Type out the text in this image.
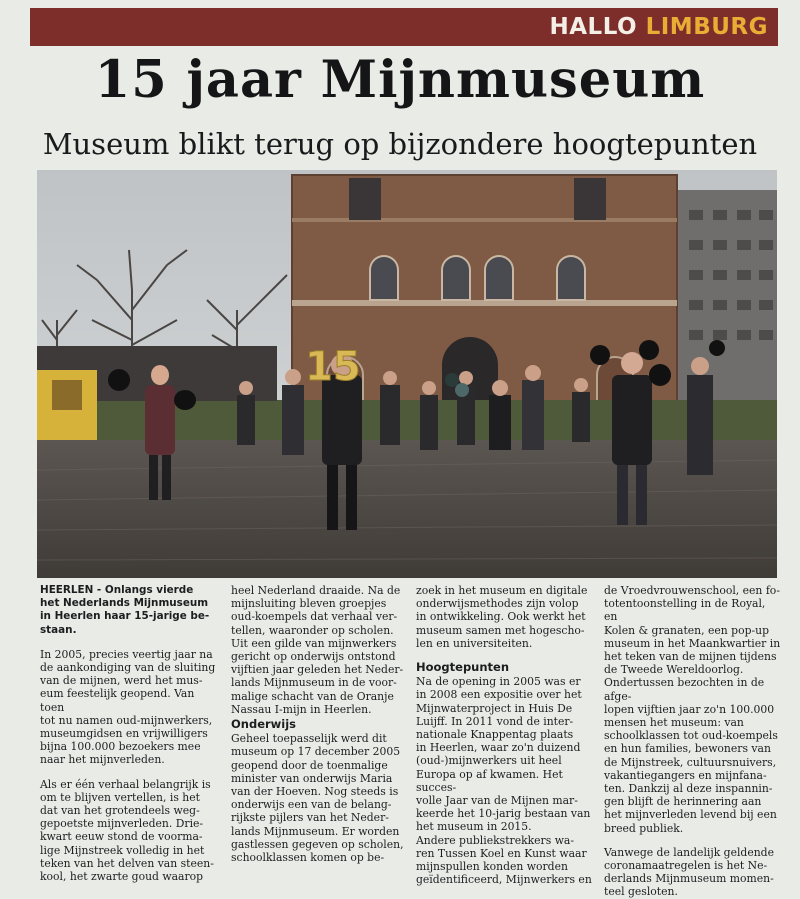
HALLO LIMBURG
15 jaar Mijnmuseum
Museum blikt terug op bijzondere hoogtepunten
15

HEERLEN - Onlangs vierde
het Nederlands Mijnmuseum
in Heerlen haar 15-jarige be-
staan.

In 2005, precies veertig jaar na
de aankondiging van de sluiting
van de mijnen, werd het mus-
eum feestelijk geopend. Van toen
tot nu namen oud-mijnwerkers,
museumgidsen en vrijwilligers
bijna 100.000 bezoekers mee
naar het mijnverleden.

Als er één verhaal belangrijk is
om te blijven vertellen, is het
dat van het grotendeels weg-
gepoetste mijnverleden. Drie-
kwart eeuw stond de voorma-
lige Mijnstreek volledig in het
teken van het delven van steen-
kool, het zwarte goud waarop

heel Nederland draaide. Na de
mijnsluiting bleven groepjes
oud-koempels dat verhaal ver-
tellen, waaronder op scholen.
Uit een gilde van mijnwerkers
gericht op onderwijs ontstond
vijftien jaar geleden het Neder-
lands Mijnmuseum in de voor-
malige schacht van de Oranje
Nassau I-mijn in Heerlen.

Onderwijs

Geheel toepasselijk werd dit
museum op 17 december 2005
geopend door de toenmalige
minister van onderwijs Maria
van der Hoeven. Nog steeds is
onderwijs een van de belang-
rijkste pijlers van het Neder-
lands Mijnmuseum. Er worden
gastlessen gegeven op scholen,
schoolklassen komen op be-

zoek in het museum en digitale
onderwijsmethodes zijn volop
in ontwikkeling. Ook werkt het
museum samen met hogescho-
len en universiteiten.

Hoogtepunten

Na de opening in 2005 was er
in 2008 een expositie over het
Mijnwaterproject in Huis De
Luijff. In 2011 vond de inter-
nationale Knappentag plaats
in Heerlen, waar zo'n duizend
(oud-)mijnwerkers uit heel
Europa op af kwamen. Het succes-
volle Jaar van de Mijnen mar-
keerde het 10-jarig bestaan van
het museum in 2015.
Andere publiekstrekkers wa-
ren Tussen Koel en Kunst waar
mijnspullen konden worden
geïdentificeerd, Mijnwerkers en

de Vroedvrouwenschool, een fo-
totentoonstelling in de Royal, en
Kolen & granaten, een pop-up
museum in het Maankwartier in
het teken van de mijnen tijdens
de Tweede Wereldoorlog.
Ondertussen bezochten in de afge-
lopen vijftien jaar zo'n 100.000
mensen het museum: van
schoolklassen tot oud-koempels
en hun families, bewoners van
de Mijnstreek, cultuursnuivers,
vakantiegangers en mijnfana-
ten. Dankzij al deze inspannin-
gen blijft de herinnering aan
het mijnverleden levend bij een
breed publiek.

Vanwege de landelijk geldende
coronamaatregelen is het Ne-
derlands Mijnmuseum momen-
teel gesloten.
